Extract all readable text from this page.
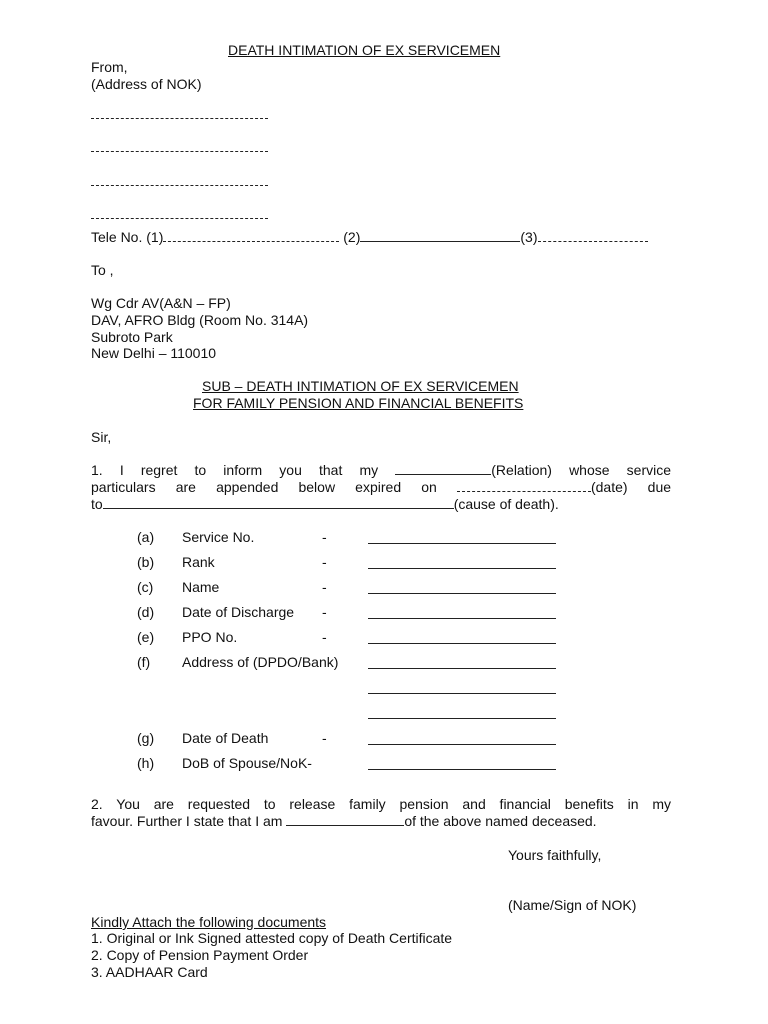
DEATH INTIMATION OF EX SERVICEMEN
From,
(Address of NOK)
Tele No. (1)	(2)	(3)
To ,
Wg Cdr AV(A&N – FP)
DAV, AFRO Bldg (Room No. 314A)
Subroto Park
New Delhi – 110010
SUB – DEATH INTIMATION OF EX SERVICEMEN
FOR FAMILY PENSION AND FINANCIAL BENEFITS
Sir,
1. I regret to inform you that my	(Relation) whose service
particulars are appended below expired on	(date) due
to	(cause of death).
(a) Service No.	-
(b) Rank	-
(c) Name	-
(d) Date of Discharge -
(e) PPO No.	-
(f) Address of (DPDO/Bank)
(g) Date of Death	-
(h) DoB of Spouse/NoK-
2. You are requested to release family pension and financial benefits in my
favour. Further I state that I am	of the above named deceased.
Yours faithfully,
(Name/Sign of NOK)
Kindly Attach the following documents
1. Original or Ink Signed attested copy of Death Certificate
2. Copy of Pension Payment Order
3. AADHAAR Card
